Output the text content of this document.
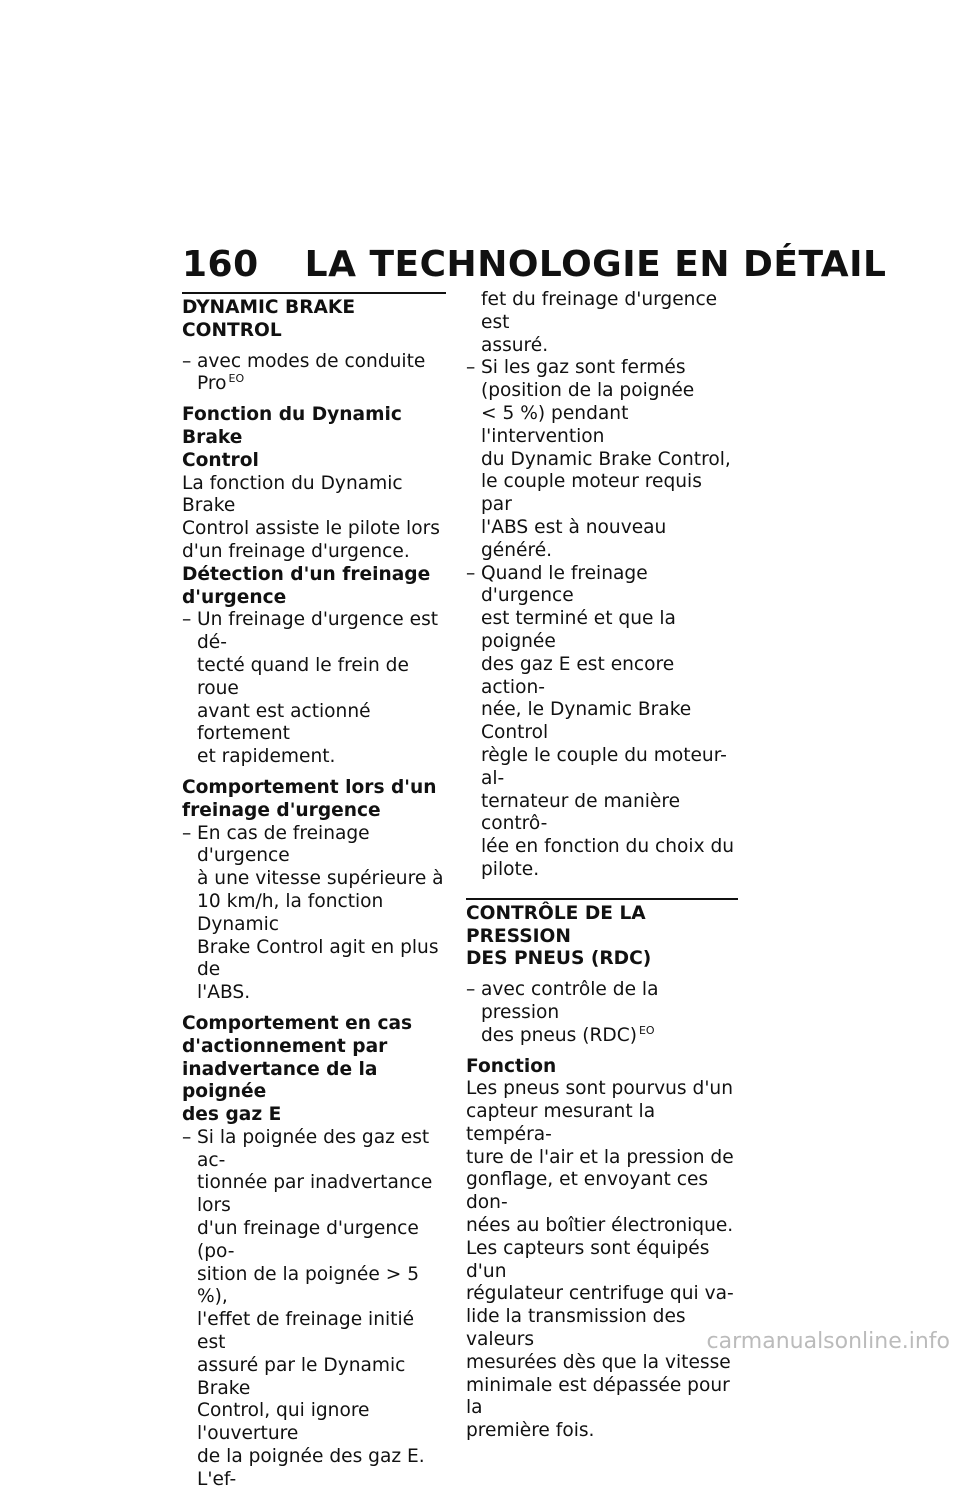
160 LA TECHNOLOGIE EN DÉTAIL
DYNAMIC BRAKE CONTROL
– avec modes de conduite
Pro $^{EO}$

Fonction du Dynamic Brake

Control

La fonction du Dynamic Brake

Control assiste le pilote lors

d'un freinage d'urgence.

Détection d'un freinage

d'urgence

– Un freinage d'urgence est dé-
tecté quand le frein de roue
avant est actionné fortement
et rapidement.

Comportement lors d'un

freinage d'urgence

– En cas de freinage d'urgence
à une vitesse supérieure à
10 km/h, la fonction Dynamic
Brake Control agit en plus de
l'ABS.

Comportement en cas

d'actionnement par

inadvertance de la poignée

des gaz E

– Si la poignée des gaz est ac-
tionnée par inadvertance lors
d'un freinage d'urgence (po-
sition de la poignée > 5 %),
l'effet de freinage initié est
assuré par le Dynamic Brake
Control, qui ignore l'ouverture
de la poignée des gaz E. L'ef-
fet du freinage d'urgence est
assuré.
– Si les gaz sont fermés
(position de la poignée
< 5 %) pendant l'intervention
du Dynamic Brake Control,
le couple moteur requis par
l'ABS est à nouveau généré.
– Quand le freinage d'urgence
est terminé et que la poignée
des gaz E est encore action-
née, le Dynamic Brake Control
règle le couple du moteur-al-
ternateur de manière contrô-
lée en fonction du choix du
pilote.

CONTRÔLE DE LA PRESSION

DES PNEUS (RDC)
– avec contrôle de la pression
des pneus (RDC) $^{EO}$

Fonction

Les pneus sont pourvus d'un

capteur mesurant la tempéra-

ture de l'air et la pression de

gonflage, et envoyant ces don-

nées au boîtier électronique.

Les capteurs sont équipés d'un

régulateur centrifuge qui va-

lide la transmission des valeurs

mesurées dès que la vitesse

minimale est dépassée pour la

première fois.

carmanualsonline.info
